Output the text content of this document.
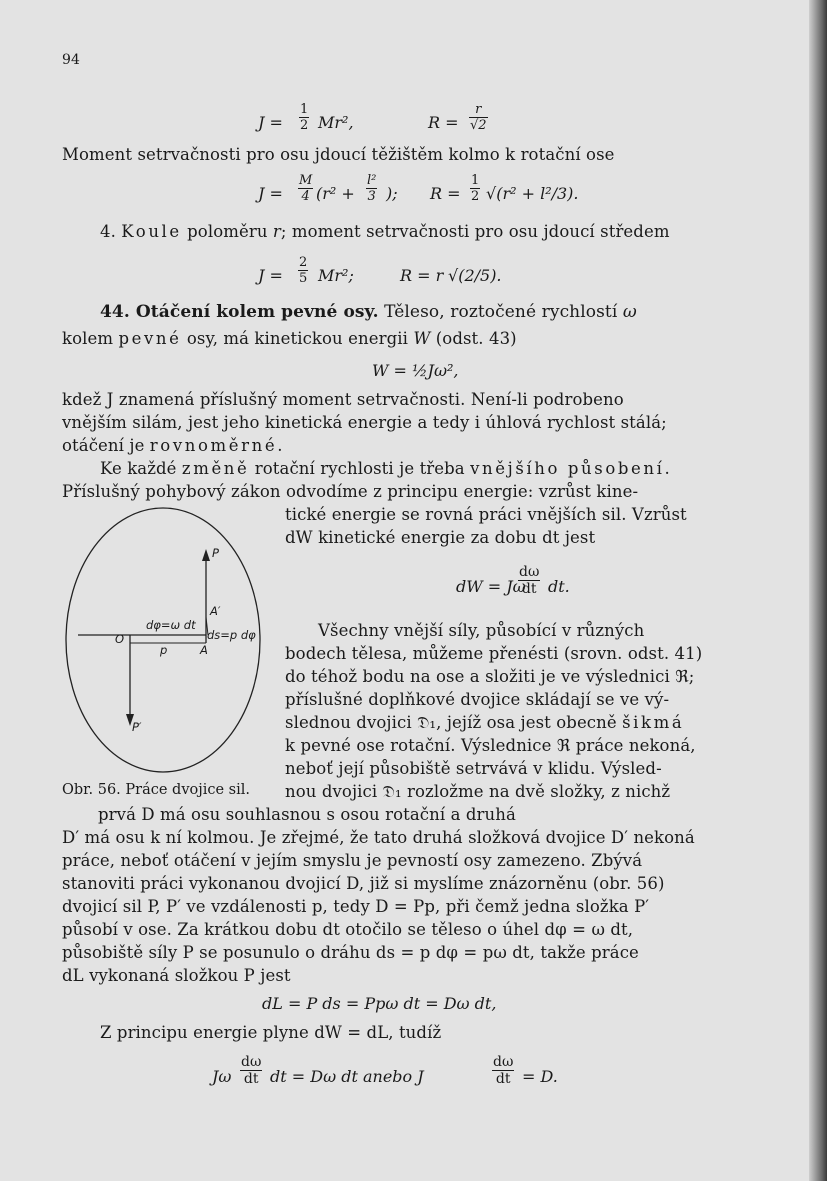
94
$J = \frac{1}{2} Mr^2$,	$R = \frac{r}{√2}$
Moment setrvačnosti pro osu jdoucí těžištěm kolmo k rotační ose
$J = \frac{M}{4} (r^2 + \frac{\text{l²}}{3}$ ); $R = \frac{1}{2} √(r^2 + l^2/3)$.
4. Koule poloměru r; moment setrvačnosti pro osu jdoucí středem
$J = \frac{2}{5} Mr^2$;	R = r √(2/5).
44. Otáčení kolem pevné osy. Těleso, roztočené rychlostí ω
kolem pevné osy, má kinetickou energii W (odst. 43)
W = ½Jω²,
kdež J znamená příslušný moment setrvačnosti. Není-li podrobeno
vnějším silám, jest jeho kinetická energie a tedy i úhlová rychlost stálá;
otáčení je rovnoměrné.
Ke každé změně rotační rychlosti je třeba vnějšího působení.
Příslušný pohybový zákon odvodíme z principu energie: vzrůst kine-
tické energie se rovná práci vnějších sil. Vzrůst
dW kinetické energie za dobu dt jest
dW = Jω
$\frac{d\omega}{dt}$ dt.
P
A′
dφ=ω dt
ds=p dφ
O
p	A
P′
Obr. 56. Práce dvojice sil.
Všechny vnější síly, působící v různých
bodech tělesa, můžeme přenésti (srovn. odst. 41)
do téhož bodu na ose a složiti je ve výslednici ℜ;
příslušné doplňkové dvojice skládají se ve vý-
slednou dvojici 𝔇₁, jejíž osa jest obecně šikmá
k pevné ose rotační. Výslednice ℜ práce nekoná,
neboť její působiště setrvává v klidu. Výsled-
nou dvojici 𝔇₁ rozložme na dvě složky, z nichž
prvá D má osu souhlasnou s osou rotační a druhá
D′ má osu k ní kolmou. Je zřejmé, že tato druhá složková dvojice D′ nekoná
práce, neboť otáčení v jejím smyslu je pevností osy zamezeno. Zbývá
stanoviti práci vykonanou dvojicí D, již si myslíme znázorněnu (obr. 56)
dvojicí sil P, P′ ve vzdálenosti p, tedy D = Pp, při čemž jedna složka P′
působí v ose. Za krátkou dobu dt otočilo se těleso o úhel dφ = ω dt,
působiště síly P se posunulo o dráhu ds = p dφ = pω dt, takže práce
dL vykonaná složkou P jest
dL = P ds = Ppω dt = Dω dt,
Z principu energie plyne dW = dL, tudíž
Jω $\frac{d\omega}{dt}$ dt = Dω dt anebo J	$\frac{d\omega}{dt} = D$.
